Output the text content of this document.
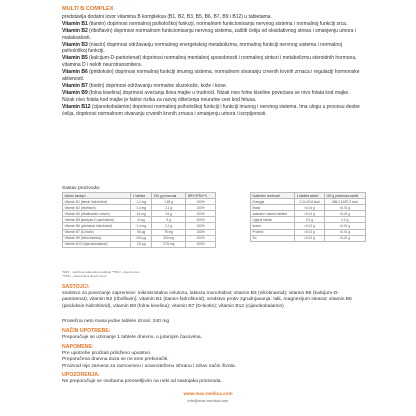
MULTI B COMPLEX

predstavlja dodatni izvor vitamina B kompleksa (B1, B2, B3, B5, B6, B7, B9 i B12) u tabletama.

Vitamin B1 (tiamin) doprinosi normalnoj psihološkoj funkciji, normalnom funkcionisanju nervnog sistema i normalnoj funkciji srca.

Vitamin B2 (riboflavin) doprinosi normalnom funkcionisanju nervnog sistema, zaštiti ćelija od oksidativnog stresa i smanjenju umora i malaksalosti.

Vitamin B3 (niacin) doprinosi održavanju normalnog energetskog metabolizma, normalnoj funkciji nervnog sistema i normalnoj psihološkoj funkciji.

Vitamin B5 (kalcijum-D-pantotenat) doprinosi normalnoj mentalnoj sposobnosti i normalnoj sintezi i metabolizmu steroidnih hormona, vitamina D i nekih neurotransmitera.

Vitamin B6 (piridoksin) doprinosi normalnoj funkciji imunog sistema, normalnom stvaranju crvenih krvnih zrnaca i regulaciji hormonske aktivnosti.

Vitamin B7 (biotin) doprinosi održavanju normalne sluzokože, kože i kose.

Vitamin B9 (folna kiselina) doprinosi uvećanju tkiva majke u trudnoći. Nizak nivo folne kiseline povećava se nivo folata kod majke. Nizak nivo folata kod majke je faktor rizika za razvoj oštećenja neuralne cevi kod fetusa.

Vitamin B12 (cijanokobalamin) doprinosi normalnoj psihološkoj funkciji i funkciji imunog i nervnog sistema. Ima ulogu u procesu deobe ćelija, doprinosi normalnom stvaranju crvenih krvnih zrnaca i smanjenju umora i iscrpljenosti.

Sastav proizvoda:
Aktivni sastojci	1 tableta	100 g proizvoda	NRV*(PDU**)
Vitamin B1 (tiamin hidrohlorid)	1,1 mg	1,65 g	100%
Vitamin B2 (riboflavin)	1,4 mg	2,1 g	100%
Vitamin B3 (nikotinamid i niacin)	16 mg	24 g	100%
Vitamin B5 (kalcijum-D-pantotenat)	6 mg	9 g	100%
Vitamin B6 (piridoksin hidrohlorid)	1,4 mg	2,1 g	100%
Vitamin B7 (D-biotin)	50 µg	75 mg	100%
Vitamin B9 (folna kiselina)	200 µg	300 mg	100%
Vitamin B12 (cijanokobalamin)	2,5 µg	3,75 mg	100%
Nutritivne vrednosti	1 tableta sadrži	100 g proizvoda sadrži
Energija	2,4 kJ/0,6 kcal	365,3 kJ/87,2 kcal
Masti	<0,01 g	<0,01 g
zasićene masne kiseline	<0,01 g	<0,01 g
Ugljeni hidrati	0,2 g	0,2 g
šećeri	<0,01 g	<0,01 g
Proteini	<0,01 g	<0,01 g
So	<0,01 g	<0,01 g
*NRV - nutritivna referentna vrednost **PDU - dnevni unos
**PDU - preporučeni dnevni unos
SASTOJCI:
sredstvo za povećanje zapremine: mikrokristalna celuloza, laktoza monohidrat; vitamin B3 (nikotinamid); vitamin B5 (kalcijum-D-pantotenat); vitamin B2 (riboflavin); vitamin B1 (tiamin-hidrohlorid); sredstvo protiv zgrudnjavanja: talk, magnezijum stearat; vitamin B6 (piridoksin-hidrohlorid), vitamin B9 (folna kiselina); vitamin B7 (D-biotin); vitamin B12 (cijanokobalamin)
Prosečna neto masa jedne tablete iznosi: 240 mg
NAČIN UPOTREBE:
Preporučuje se uzimanje 1 tablete dnevno, u jutarnjim časovima.
NAPOMENE:
Pre upotrebe pročitati priloženo uputstvo.
Preporučena dnevna doza se ne sme prekoračiti.
Proizvod nije zamena za raznovrsnu i uravnoteženu ishranu i zdrav način života.
UPOZORENJA:
Ne preporučuje se osobama preosetljivim na neki od sastojaka proizvoda.
www.max-medica.com
info@max-medica.com
